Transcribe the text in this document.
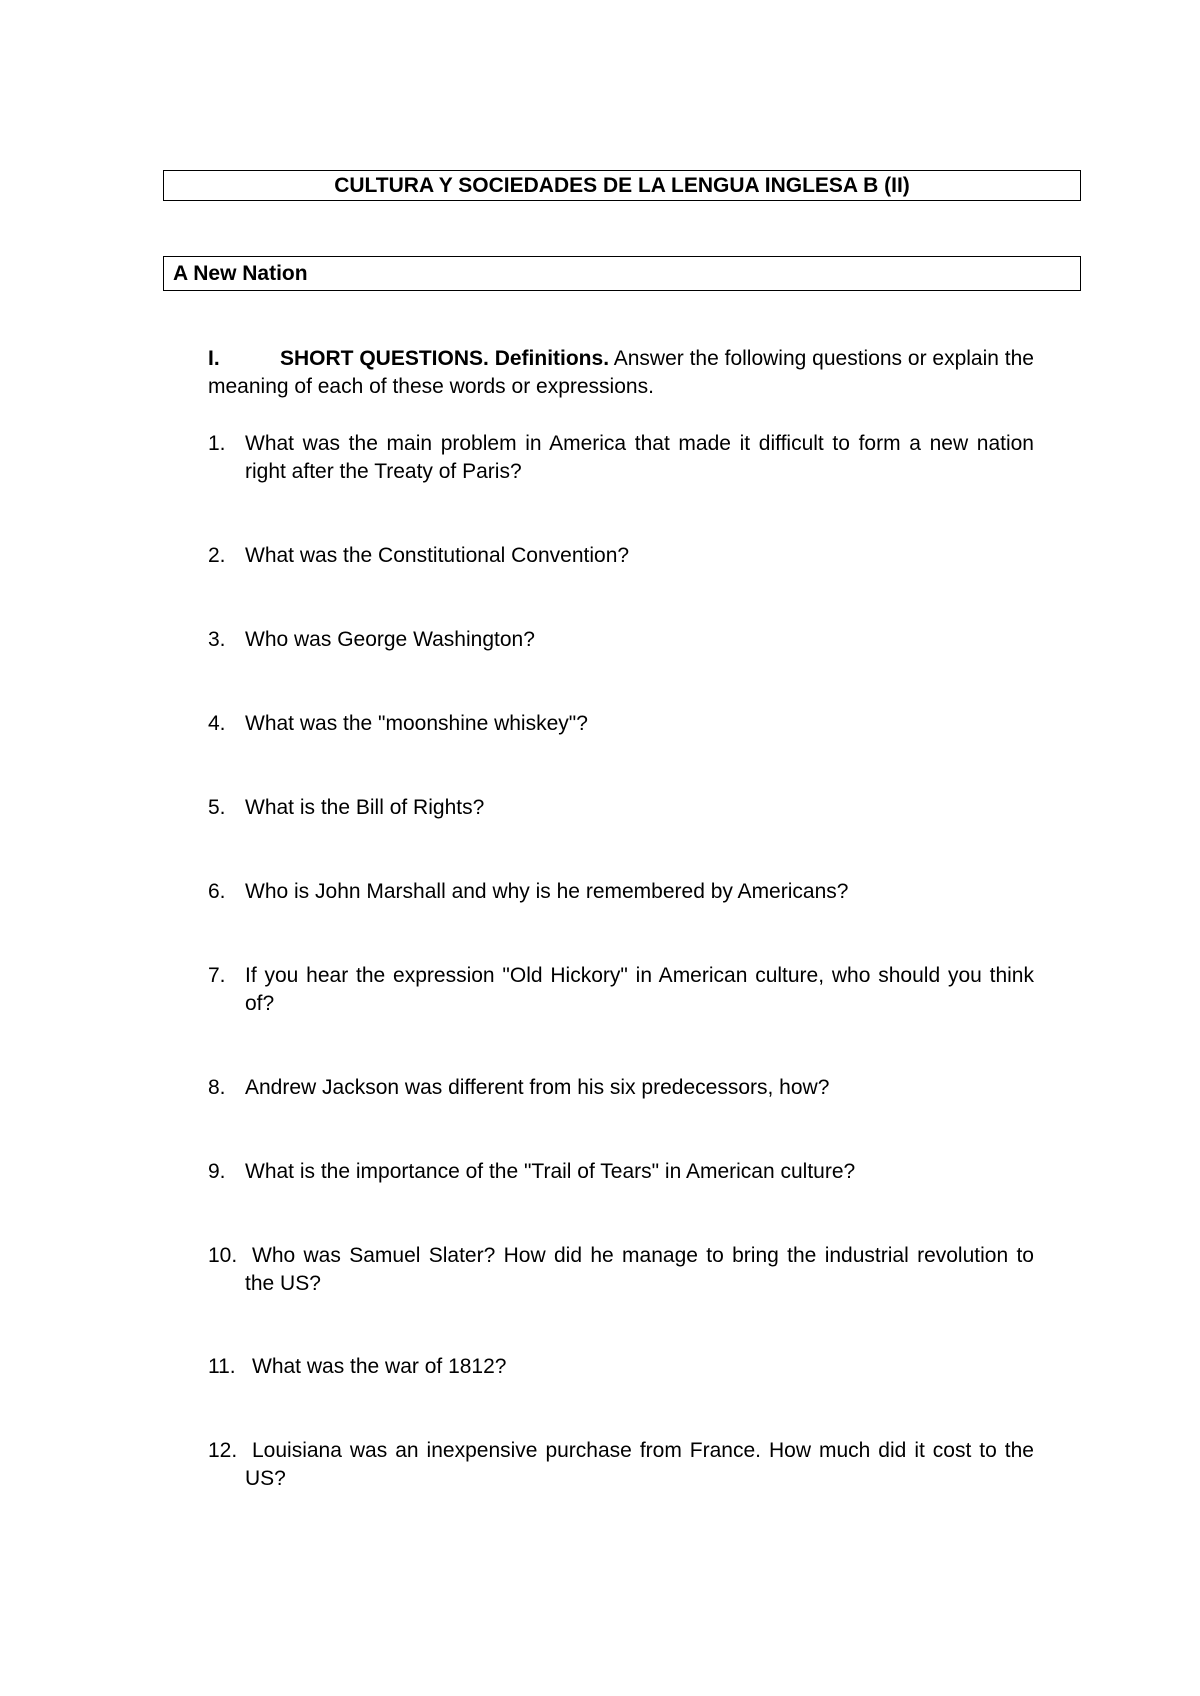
CULTURA Y SOCIEDADES DE LA LENGUA INGLESA B (II)
A New Nation
I.	SHORT QUESTIONS. Definitions. Answer the following questions or explain the meaning of each of these words or expressions.
1. What was the main problem in America that made it difficult to form a new nation right after the Treaty of Paris?
2. What was the Constitutional Convention?
3. Who was George Washington?
4. What was the "moonshine whiskey"?
5. What is the Bill of Rights?
6. Who is John Marshall and why is he remembered by Americans?
7. If you hear the expression "Old Hickory" in American culture, who should you think of?
8. Andrew Jackson was different from his six predecessors, how?
9. What is the importance of the "Trail of Tears" in American culture?
10. Who was Samuel Slater? How did he manage to bring the industrial revolution to the US?
11. What was the war of 1812?
12. Louisiana was an inexpensive purchase from France. How much did it cost to the US?
